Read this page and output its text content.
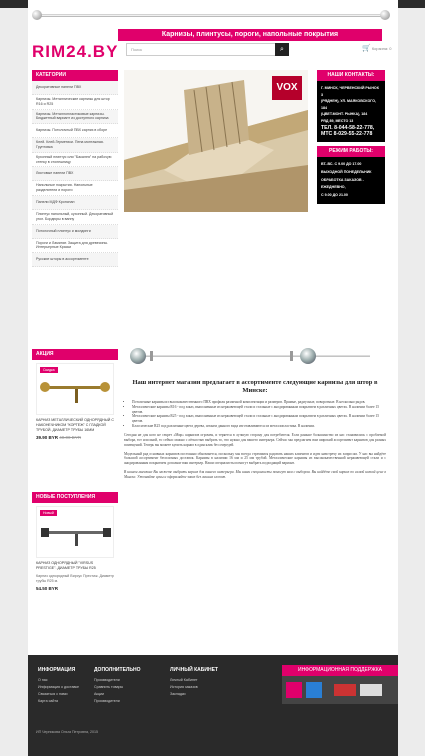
RIM24.BY
Карнизы, плинтусы, пороги, напольные покрытия
Поиск	⌕	🛒 Корзина: 0
КАТЕГОРИИ
Декоративные панели ПВХ
Карнизы. Металлические карнизы для штор R16 и R25
Карнизы. Металлопластиковые карнизы. Бюджетный вариант из доступного карниза
Карнизы. Потолочный ПВХ карниз в сборе
Клей. Клей-Герметики. Пена монтажная. Грунтовка
Кухонный плинтус или "Бакалея" на рабочую стенку в столешницу
Листовые панели ПВХ
Напольные покрытия. Напольные разделители и пороги
Панели МДФ Кронспан
Плинтус напольный, кухонный. Декоративный угол. Бордюры в ванну
Потолочный плинтус и молдинги
Пороги и Ламинат. Защита для древесины. Интерьерные Краски
Русские шторы в ассортименте
АКЦИЯ
Скидка
КАРНИЗ МЕТАЛЛИЧЕСКИЙ ОДНОРЯДНЫЙ С НАКОНЕЧНИКОМ "КОРТЕЖ" С ГЛАДКОЙ ТРУБОЙ. ДИАМЕТР ТРУБЫ 16ММ
39.90 BYR 40.00 BYR
НОВЫЕ ПОСТУПЛЕНИЯ
Новый
КАРНИЗ ОДНОРЯДНЫЙ "VIRSUS PRESTIGE". ДИАМЕТР ТРУБЫ R25
Карниз однорядный Вирсус Престиж. Диаметр трубы R25 м.
54.50 BYR
VOX
НАШИ КОНТАКТЫ:
Г. МИНСК, ЧЕРВЕНСКИЙ РЫНОК 3
(РЯДНЕН), УЛ. МАЯКОВСКОГО, 184
(ЦВЕТ.МОНТ. РЫНКА), 184
РЯД 89, МЕСТО 13
ТЕЛ. 8-044-58-22-778,
МТС 8-029-55-22-778
РЕЖИМ РАБОТЫ:
ВТ.-ВС. С 9.00 ДО 17.00
ВЫХОДНОЙ ПОНЕДЕЛЬНИК
ОБРАБОТКА ЗАКАЗОВ -
ЕЖЕДНЕВНО,
С 9.00 ДО 21.00
Наш интернет магазин предлагает в ассортименте следующие карнизы для штор в Минске:
• Потолочные карнизы из высококачественного ПВХ профиля различной комплектации и размеров. Прямые, радиусные, поворотные. В несколько рядов.
• Металлические карнизы R16 - под заказ, выполненные из нержавеющей стали и стальные с анодированным покрытием в различных цветах. В наличии более 15 цветов.
• Металлические карнизы R25 - под заказ, выполненные из нержавеющей стали и стальные с анодированным покрытием в различных цветах. В наличии более 15 цветов.
• Классические R25 под различные цвета дерева, штанги данного вида изготавливаются из металлопластика. В наличии.

Сегодня не для кого не секрет «Мир» карнизов огромен, и теряется в лучшую сторону для потребителя. Если раньше большинство из нас становились с проблемой выбора, тот или иной, то сейчас можно с лёгкостью выбрать то, что нужно для вашего интерьера. Сейчас мы предлагаем вам широкий ассортимент карнизов для разных помещений. Теперь вы можете купить карниз в один клик без очередей.

Модельный ряд основных карнизов постоянно обновляется, поскольку мы всегда стремимся радовать наших клиентов и идти навстречу их запросам. У нас вы найдёте большой ассортимент бесплатных доставок. Карнизы в наличии 16 мм и 25 мм трубой. Металлические карнизы из высококачественной нержавеющей стали и с анодированным покрытием дополнят ваш интерьер. Наши специалисты помогут выбрать подходящий вариант.

В нашем магазине Вы можете выбрать карниз для вашего интерьера. Мы наши специалисты помогут вам с выбором. Вы найдёте свой карниз по самой низкой цене в Минске. Уточняйте цены и оформляйте заказ без лишних хлопот.

ИНФОРМАЦИЯ
О нас
Информация о доставке
Связаться с нами
Карта сайта
ДОПОЛНИТЕЛЬНО
Производители
Сравнить товары
Акции
Производители
ЛИЧНЫЙ КАБИНЕТ
Личный Кабинет
История заказов
Закладки
ИНФОРМАЦИОННАЯ ПОДДЕРЖКА
ИП Черникова Ольга Петровна, 2015
